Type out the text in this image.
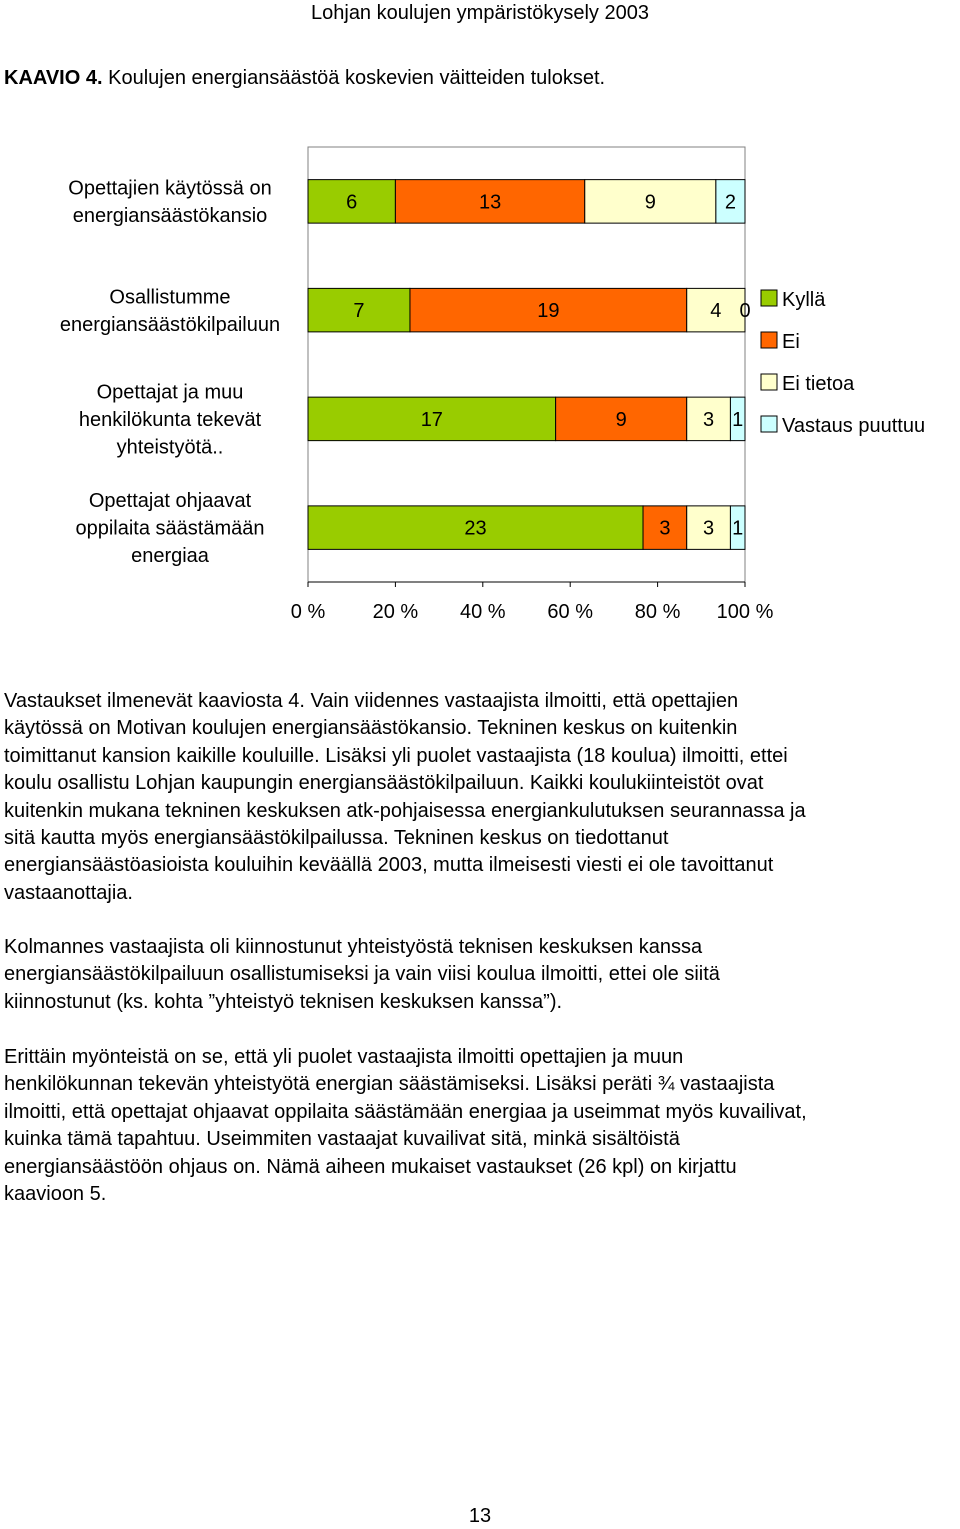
Lohjan koulujen ympäristökysely 2003
KAAVIO 4. Koulujen energiansäästöä koskevien väitteiden tulokset.
6	13	9	2
Opettajien käytössä on
energiansäästökansio
7	19	4 0
Osallistumme
energiansäästökilpailuun
17	9	3 1
Opettajat ja muu
henkilökunta tekevät
yhteistyötä..
23	3 3 1
Opettajat ohjaavat
oppilaita säästämään
energiaa
0 % 20 % 40 % 60 % 80 % 100 %
Kyllä
Ei
Ei tietoa
Vastaus puuttuu

Vastaukset ilmenevät kaaviosta 4. Vain viidennes vastaajista ilmoitti, että opettajien
käytössä on Motivan koulujen energiansäästökansio. Tekninen keskus on kuitenkin
toimittanut kansion kaikille kouluille. Lisäksi yli puolet vastaajista (18 koulua) ilmoitti, ettei
koulu osallistu Lohjan kaupungin energiansäästökilpailuun. Kaikki koulukiinteistöt ovat
kuitenkin mukana tekninen keskuksen atk-pohjaisessa energiankulutuksen seurannassa ja
sitä kautta myös energiansäästökilpailussa. Tekninen keskus on tiedottanut
energiansäästöasioista kouluihin keväällä 2003, mutta ilmeisesti viesti ei ole tavoittanut
vastaanottajia.

Kolmannes vastaajista oli kiinnostunut yhteistyöstä teknisen keskuksen kanssa
energiansäästökilpailuun osallistumiseksi ja vain viisi koulua ilmoitti, ettei ole siitä
kiinnostunut (ks. kohta ”yhteistyö teknisen keskuksen kanssa”).

Erittäin myönteistä on se, että yli puolet vastaajista ilmoitti opettajien ja muun
henkilökunnan tekevän yhteistyötä energian säästämiseksi. Lisäksi peräti ¾ vastaajista
ilmoitti, että opettajat ohjaavat oppilaita säästämään energiaa ja useimmat myös kuvailivat,
kuinka tämä tapahtuu. Useimmiten vastaajat kuvailivat sitä, minkä sisältöistä
energiansäästöön ohjaus on. Nämä aiheen mukaiset vastaukset (26 kpl) on kirjattu
kaavioon 5.

13
